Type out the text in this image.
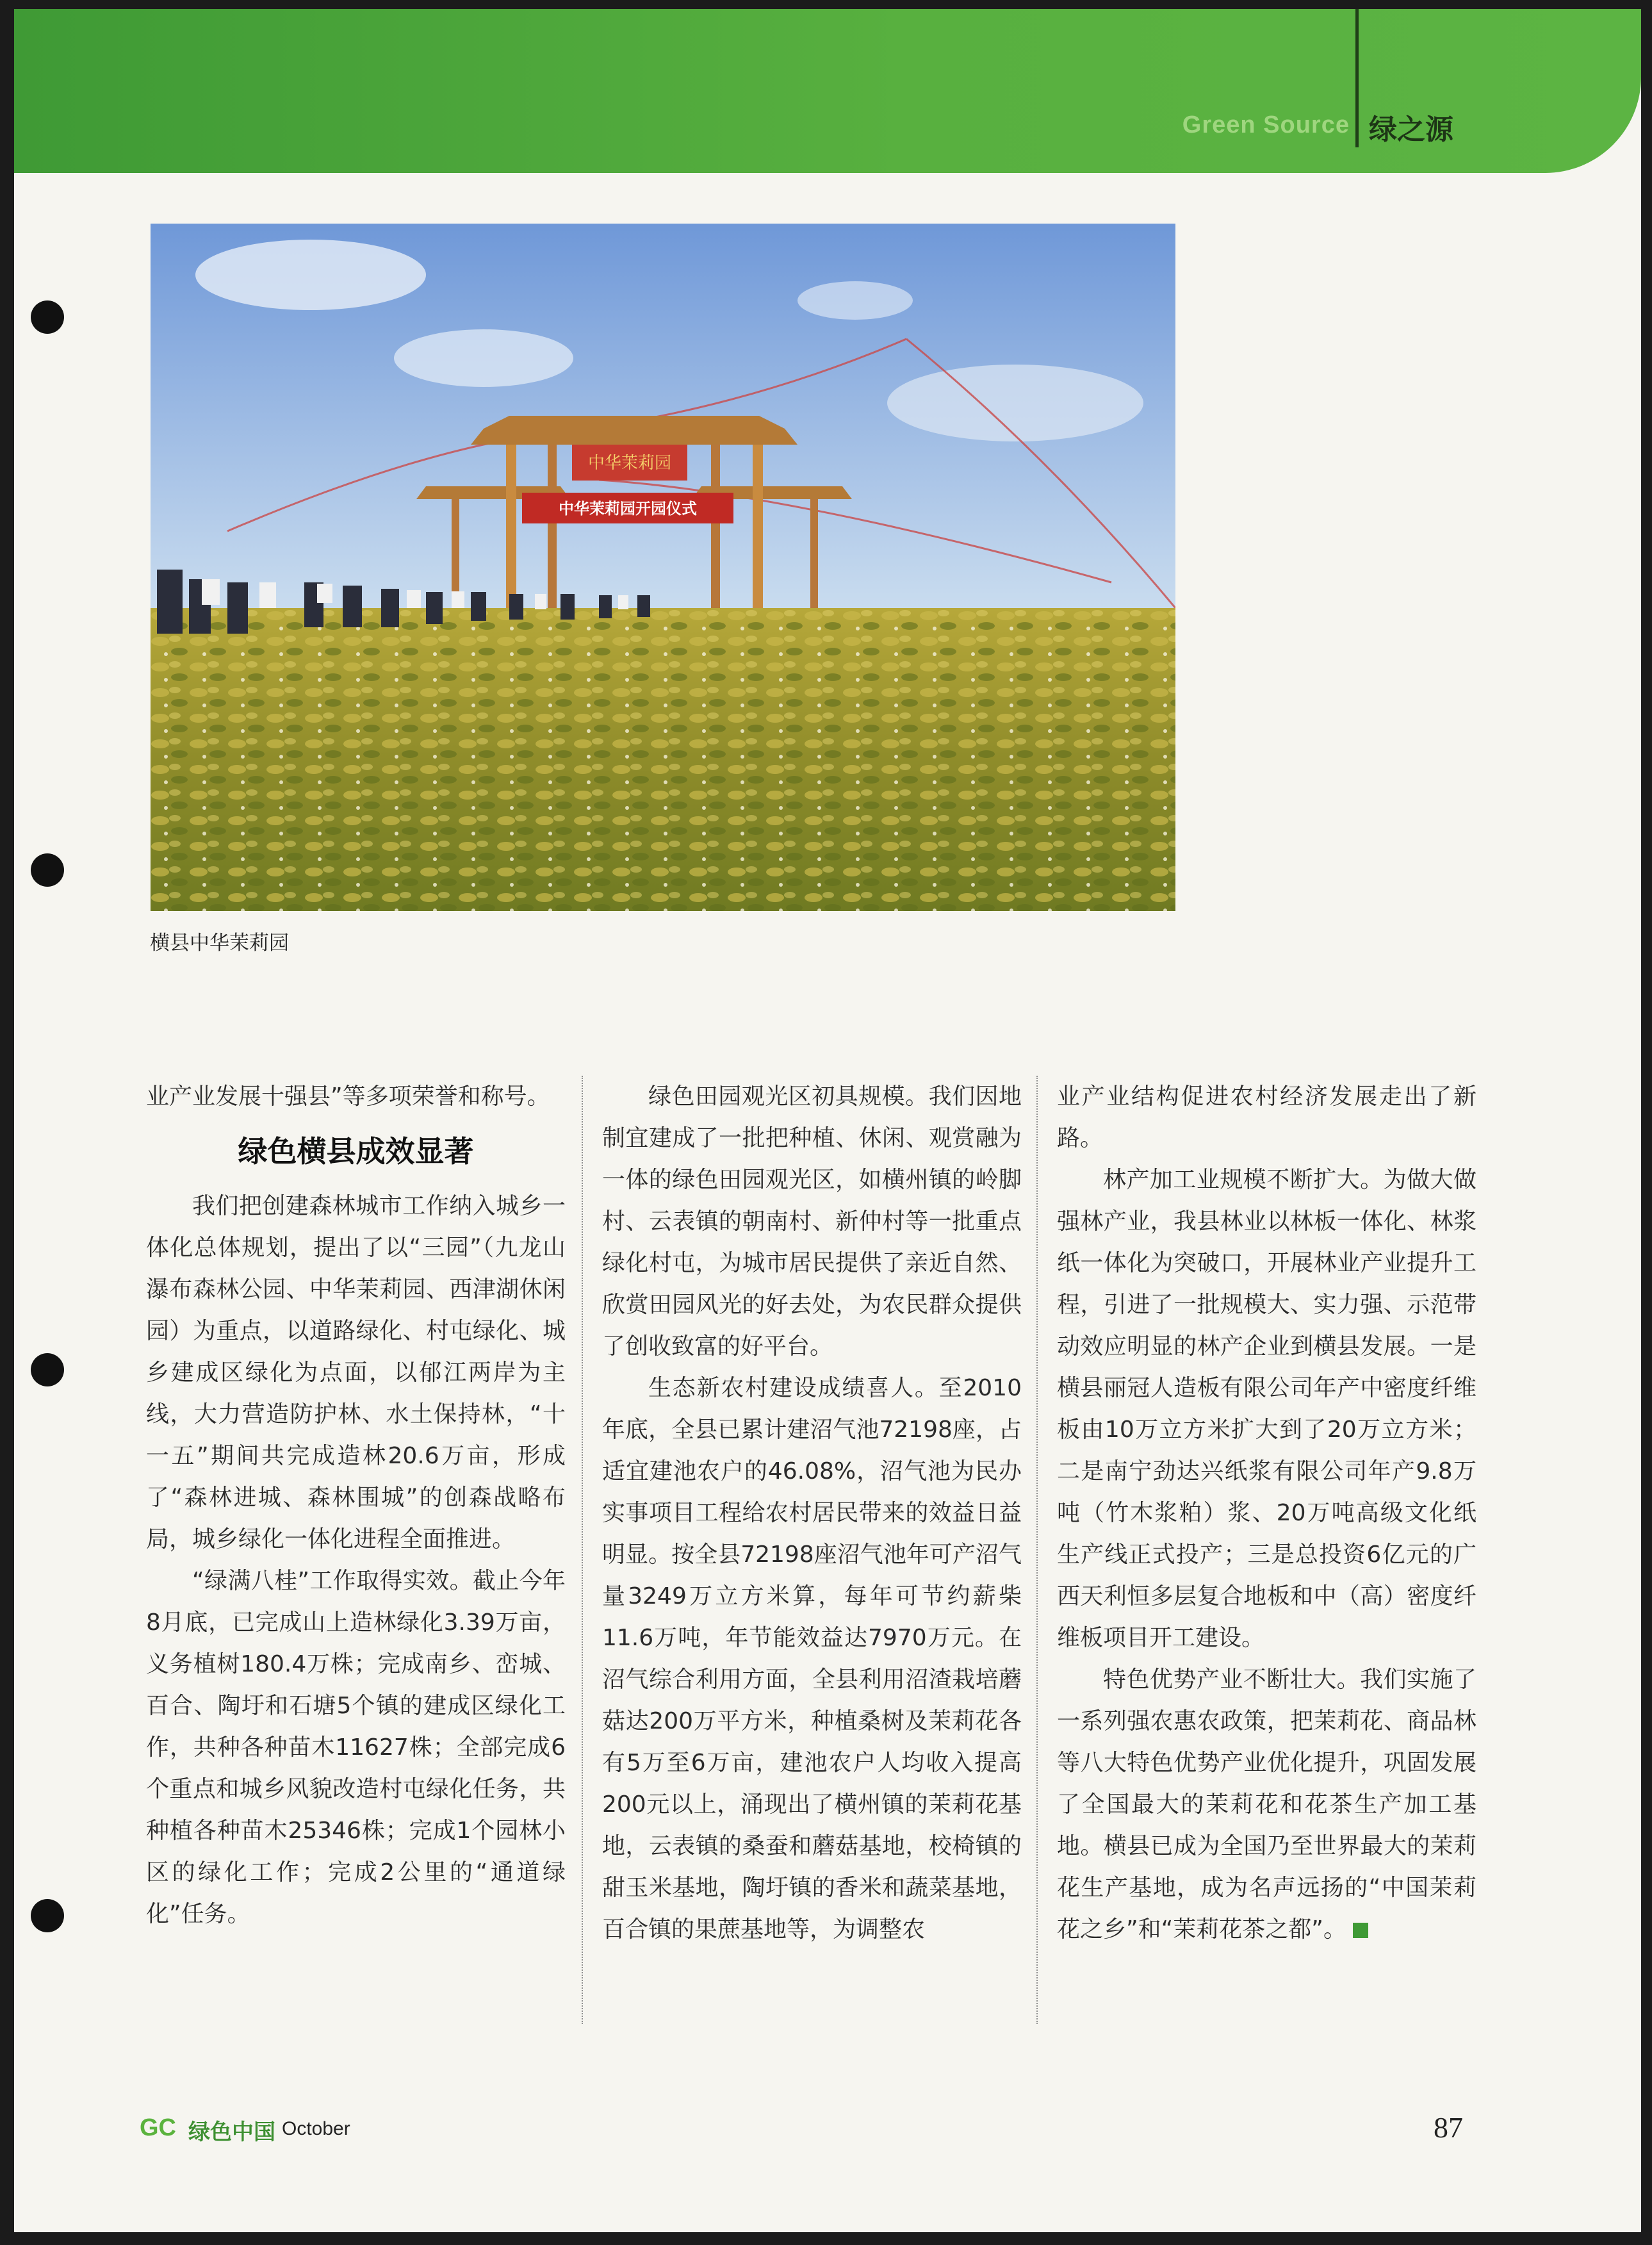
Green Source 绿之源
中华茉莉园
中华茉莉园开园仪式
横县中华茉莉园

业产业发展十强县”等多项荣誉和称号。

绿色横县成效显著

我们把创建森林城市工作纳入城乡一体化总体规划，提出了以“三园”（九龙山瀑布森林公园、中华茉莉园、西津湖休闲园）为重点，以道路绿化、村屯绿化、城乡建成区绿化为点面，以郁江两岸为主线，大力营造防护林、水土保持林，“十一五”期间共完成造林20.6万亩，形成了“森林进城、森林围城”的创森战略布局，城乡绿化一体化进程全面推进。

“绿满八桂”工作取得实效。截止今年8月底，已完成山上造林绿化3.39万亩，义务植树180.4万株；完成南乡、峦城、百合、陶圩和石塘5个镇的建成区绿化工作，共种各种苗木11627株；全部完成6个重点和城乡风貌改造村屯绿化任务，共种植各种苗木25346株；完成1个园林小区的绿化工作；完成2公里的“通道绿化”任务。

绿色田园观光区初具规模。我们因地制宜建成了一批把种植、休闲、观赏融为一体的绿色田园观光区，如横州镇的岭脚村、云表镇的朝南村、新仲村等一批重点绿化村屯，为城市居民提供了亲近自然、欣赏田园风光的好去处，为农民群众提供了创收致富的好平台。

生态新农村建设成绩喜人。至2010年底，全县已累计建沼气池72198座，占适宜建池农户的46.08%，沼气池为民办实事项目工程给农村居民带来的效益日益明显。按全县72198座沼气池年可产沼气量3249万立方米算，每年可节约薪柴11.6万吨，年节能效益达7970万元。在沼气综合利用方面，全县利用沼渣栽培蘑菇达200万平方米，种植桑树及茉莉花各有5万至6万亩，建池农户人均收入提高200元以上，涌现出了横州镇的茉莉花基地，云表镇的桑蚕和蘑菇基地，校椅镇的甜玉米基地，陶圩镇的香米和蔬菜基地，百合镇的果蔗基地等，为调整农

业产业结构促进农村经济发展走出了新路。

林产加工业规模不断扩大。为做大做强林产业，我县林业以林板一体化、林浆纸一体化为突破口，开展林业产业提升工程，引进了一批规模大、实力强、示范带动效应明显的林产企业到横县发展。一是横县丽冠人造板有限公司年产中密度纤维板由10万立方米扩大到了20万立方米；二是南宁劲达兴纸浆有限公司年产9.8万吨（竹木浆粕）浆、20万吨高级文化纸生产线正式投产；三是总投资6亿元的广西天利恒多层复合地板和中（高）密度纤维板项目开工建设。

特色优势产业不断壮大。我们实施了一系列强农惠农政策，把茉莉花、商品林等八大特色优势产业优化提升，巩固发展了全国最大的茉莉花和花茶生产加工基地。横县已成为全国乃至世界最大的茉莉花生产基地，成为名声远扬的“中国茉莉花之乡”和“茉莉花茶之都”。

GC 绿色中国 October	87
